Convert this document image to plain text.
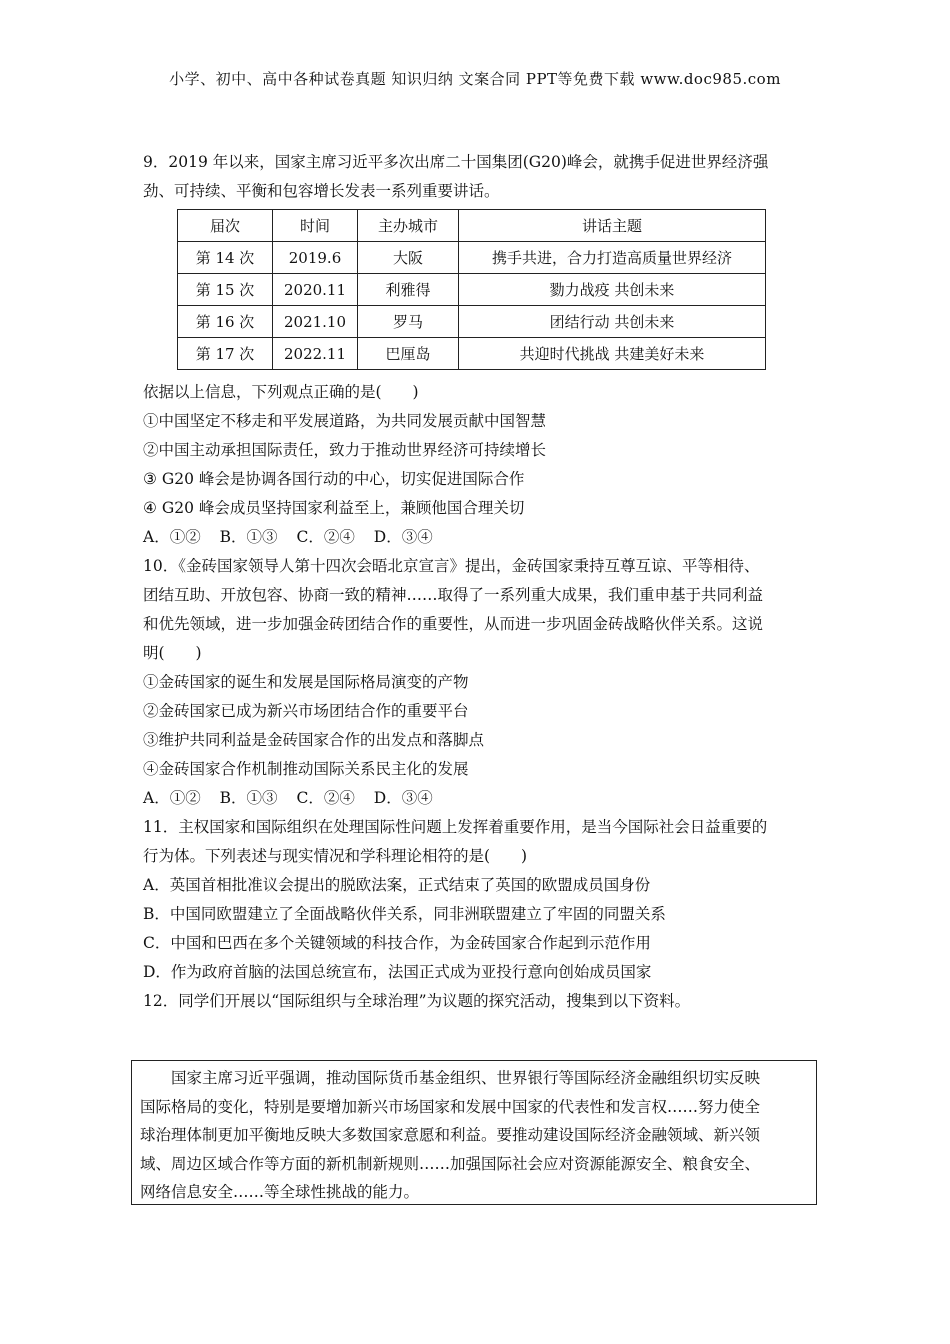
小学、初中、高中各种试卷真题 知识归纳 文案合同 PPT等免费下载 www.doc985.com
9．2019 年以来，国家主席习近平多次出席二十国集团(G20)峰会，就携手促进世界经济强
劲、可持续、平衡和包容增长发表一系列重要讲话。
届次	时间	主办城市	讲话主题
第 14 次	2019.6	大阪	携手共进，合力打造高质量世界经济
第 15 次	2020.11	利雅得	勠力战疫 共创未来
第 16 次	2021.10	罗马	团结行动 共创未来
第 17 次	2022.11	巴厘岛	共迎时代挑战 共建美好未来
依据以上信息，下列观点正确的是(　　)
①中国坚定不移走和平发展道路，为共同发展贡献中国智慧
②中国主动承担国际责任，致力于推动世界经济可持续增长
③ G20 峰会是协调各国行动的中心，切实促进国际合作
④ G20 峰会成员坚持国家利益至上，兼顾他国合理关切
A．①② B．①③ C．②④ D．③④
10．《金砖国家领导人第十四次会晤北京宣言》提出，金砖国家秉持互尊互谅、平等相待、
团结互助、开放包容、协商一致的精神……取得了一系列重大成果，我们重申基于共同利益
和优先领域，进一步加强金砖团结合作的重要性，从而进一步巩固金砖战略伙伴关系。这说
明(　　)
①金砖国家的诞生和发展是国际格局演变的产物
②金砖国家已成为新兴市场团结合作的重要平台
③维护共同利益是金砖国家合作的出发点和落脚点
④金砖国家合作机制推动国际关系民主化的发展
A．①② B．①③ C．②④ D．③④
11．主权国家和国际组织在处理国际性问题上发挥着重要作用，是当今国际社会日益重要的
行为体。下列表述与现实情况和学科理论相符的是(　　)
A．英国首相批准议会提出的脱欧法案，正式结束了英国的欧盟成员国身份
B．中国同欧盟建立了全面战略伙伴关系，同非洲联盟建立了牢固的同盟关系
C．中国和巴西在多个关键领域的科技合作，为金砖国家合作起到示范作用
D．作为政府首脑的法国总统宣布，法国正式成为亚投行意向创始成员国家
12．同学们开展以“国际组织与全球治理”为议题的探究活动，搜集到以下资料。
国家主席习近平强调，推动国际货币基金组织、世界银行等国际经济金融组织切实反映
国际格局的变化，特别是要增加新兴市场国家和发展中国家的代表性和发言权……努力使全
球治理体制更加平衡地反映大多数国家意愿和利益。要推动建设国际经济金融领域、新兴领
域、周边区域合作等方面的新机制新规则……加强国际社会应对资源能源安全、粮食安全、
网络信息安全……等全球性挑战的能力。
